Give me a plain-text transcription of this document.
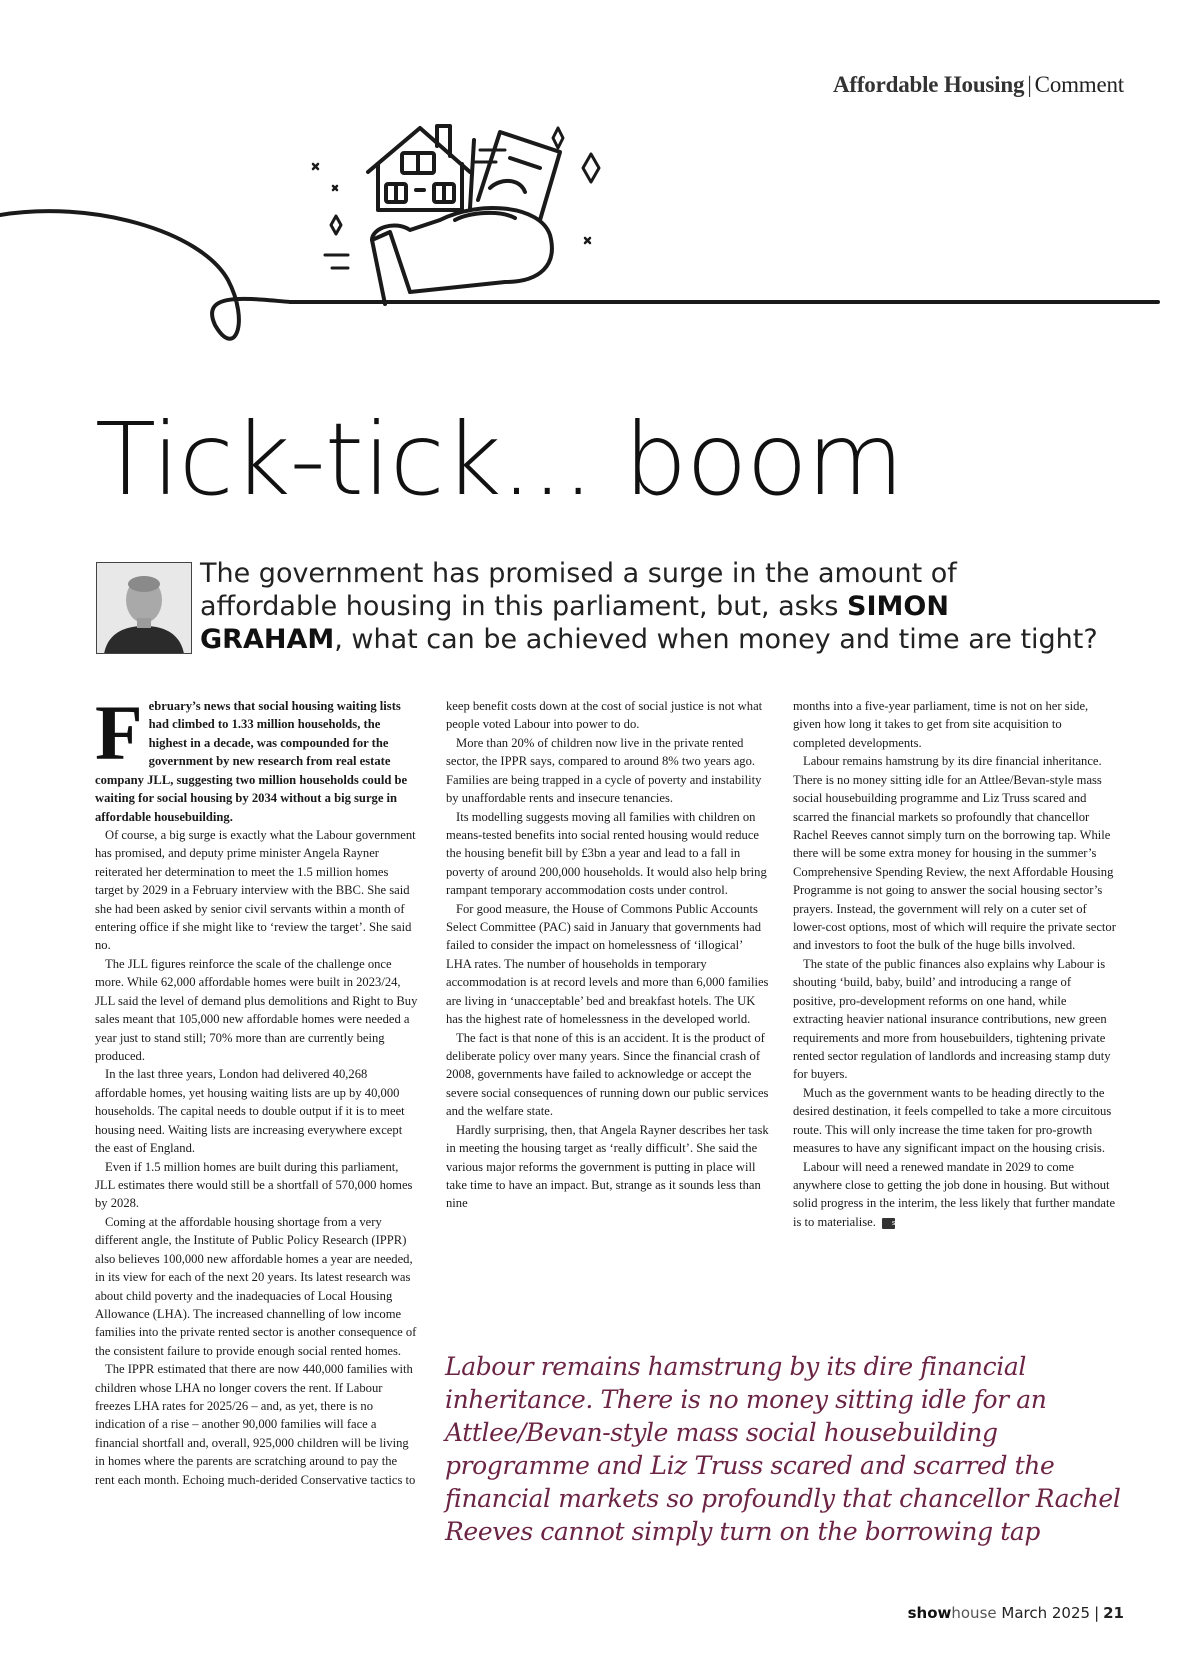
Affordable Housing | Comment
Tick-tick... boom

The government has promised a surge in the amount of affordable housing in this parliament, but, asks SIMON GRAHAM, what can be achieved when money and time are tight?

February’s news that social housing waiting lists had climbed to 1.33 million households, the highest in a decade, was compounded for the government by new research from real estate company JLL, suggesting two million households could be waiting for social housing by 2034 without a big surge in affordable housebuilding.

Of course, a big surge is exactly what the Labour government has promised, and deputy prime minister Angela Rayner reiterated her determination to meet the 1.5 million homes target by 2029 in a February interview with the BBC. She said she had been asked by senior civil servants within a month of entering office if she might like to ‘review the target’. She said no.

The JLL figures reinforce the scale of the challenge once more. While 62,000 affordable homes were built in 2023/24, JLL said the level of demand plus demolitions and Right to Buy sales meant that 105,000 new affordable homes were needed a year just to stand still; 70% more than are currently being produced.

In the last three years, London had delivered 40,268 affordable homes, yet housing waiting lists are up by 40,000 households. The capital needs to double output if it is to meet housing need. Waiting lists are increasing everywhere except the east of England.

Even if 1.5 million homes are built during this parliament, JLL estimates there would still be a shortfall of 570,000 homes by 2028.

Coming at the affordable housing shortage from a very different angle, the Institute of Public Policy Research (IPPR) also believes 100,000 new affordable homes a year are needed, in its view for each of the next 20 years. Its latest research was about child poverty and the inadequacies of Local Housing Allowance (LHA). The increased channelling of low income families into the private rented sector is another consequence of the consistent failure to provide enough social rented homes.

The IPPR estimated that there are now 440,000 families with children whose LHA no longer covers the rent. If Labour freezes LHA rates for 2025/26 – and, as yet, there is no indication of a rise – another 90,000 families will face a financial shortfall and, overall, 925,000 children will be living in homes where the parents are scratching around to pay the rent each month. Echoing much-derided Conservative tactics to

keep benefit costs down at the cost of social justice is not what people voted Labour into power to do.

More than 20% of children now live in the private rented sector, the IPPR says, compared to around 8% two years ago. Families are being trapped in a cycle of poverty and instability by unaffordable rents and insecure tenancies.

Its modelling suggests moving all families with children on means-tested benefits into social rented housing would reduce the housing benefit bill by £3bn a year and lead to a fall in poverty of around 200,000 households. It would also help bring rampant temporary accommodation costs under control.

For good measure, the House of Commons Public Accounts Select Committee (PAC) said in January that governments had failed to consider the impact on homelessness of ‘illogical’ LHA rates. The number of households in temporary accommodation is at record levels and more than 6,000 families are living in ‘unacceptable’ bed and breakfast hotels. The UK has the highest rate of homelessness in the developed world.

The fact is that none of this is an accident. It is the product of deliberate policy over many years. Since the financial crash of 2008, governments have failed to acknowledge or accept the severe social consequences of running down our public services and the welfare state.

Hardly surprising, then, that Angela Rayner describes her task in meeting the housing target as ‘really difficult’. She said the various major reforms the government is putting in place will take time to have an impact. But, strange as it sounds less than nine

months into a five-year parliament, time is not on her side, given how long it takes to get from site acquisition to completed developments.

Labour remains hamstrung by its dire financial inheritance. There is no money sitting idle for an Attlee/Bevan-style mass social housebuilding programme and Liz Truss scared and scarred the financial markets so profoundly that chancellor Rachel Reeves cannot simply turn on the borrowing tap. While there will be some extra money for housing in the summer’s Comprehensive Spending Review, the next Affordable Housing Programme is not going to answer the social housing sector’s prayers. Instead, the government will rely on a cuter set of lower-cost options, most of which will require the private sector and investors to foot the bulk of the huge bills involved.

The state of the public finances also explains why Labour is shouting ‘build, baby, build’ and introducing a range of positive, pro-development reforms on one hand, while extracting heavier national insurance contributions, new green requirements and more from housebuilders, tightening private rented sector regulation of landlords and increasing stamp duty for buyers.

Much as the government wants to be heading directly to the desired destination, it feels compelled to take a more circuitous route. This will only increase the time taken for pro-growth measures to have any significant impact on the housing crisis.

Labour will need a renewed mandate in 2029 to come anywhere close to getting the job done in housing. But without solid progress in the interim, the less likely that further mandate is to materialise. sh

Labour remains hamstrung by its dire financial inheritance. There is no money sitting idle for an Attlee/Bevan-style mass social housebuilding programme and Liz Truss scared and scarred the financial markets so profoundly that chancellor Rachel Reeves cannot simply turn on the borrowing tap

showhouse March 2025 | 21
